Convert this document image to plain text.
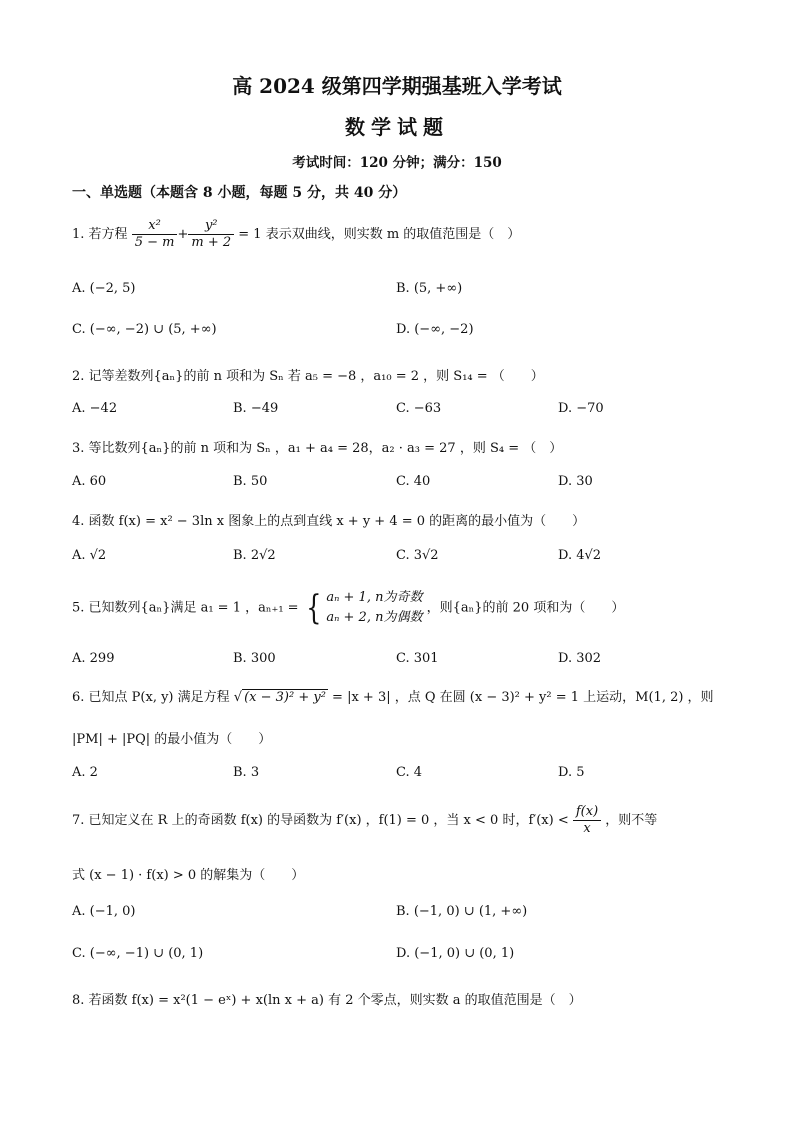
高 2024 级第四学期强基班入学考试
数学试题
考试时间：120 分钟；满分：150
一、单选题（本题含 8 小题，每题 5 分，共 40 分）
1. 若方程 $\frac{\text{x²}}{5 - m} + \frac{\text{y²}}{m + 2} = 1$ 表示双曲线，则实数 m 的取值范围是（　）
A. (−2, 5)	B. (5, +∞)
C. (−∞, −2) ∪ (5, +∞)	D. (−∞, −2)
2. 记等差数列{aₙ}的前 n 项和为 Sₙ 若 a₅ = −8 ，a₁₀ = 2 ，则 S₁₄ = （　　）
A. −42	B. −49	C. −63	D. −70
3. 等比数列{aₙ}的前 n 项和为 Sₙ ，a₁ + a₄ = 28，a₂ · a₃ = 27 ，则 S₄ = （　）
A. 60	B. 50	C. 40	D. 30
4. 函数 f(x) = x² − 3ln x 图象上的点到直线 x + y + 4 = 0 的距离的最小值为（　　）
A. √2	B. 2√2	C. 3√2	D. 4√2
5. 已知数列{aₙ}满足 a₁ = 1 ，aₙ₊₁ = { aₙ + 1, n为奇数
aₙ + 2, n为偶数
，则{aₙ}的前 20 项和为（　　）
A. 299	B. 300	C. 301	D. 302
6. 已知点 P(x, y) 满足方程 √ (x − 3)² + y² = |x + 3| ，点 Q 在圆 (x − 3)² + y² = 1 上运动，M(1, 2) ，则
|PM| + |PQ| 的最小值为（　　）
A. 2	B. 3	C. 4	D. 5
7. 已知定义在 R 上的奇函数 f(x) 的导函数为 f′(x) ，f(1) = 0 ，当 x < 0 时，$f'(x) < \frac{f(x)}{x}$ ，则不等
式 (x − 1) · f(x) > 0 的解集为（　　）
A. (−1, 0)	B. (−1, 0) ∪ (1, +∞)
C. (−∞, −1) ∪ (0, 1)	D. (−1, 0) ∪ (0, 1)
8. 若函数 f(x) = x²(1 − eˣ) + x(ln x + a) 有 2 个零点，则实数 a 的取值范围是（　）
